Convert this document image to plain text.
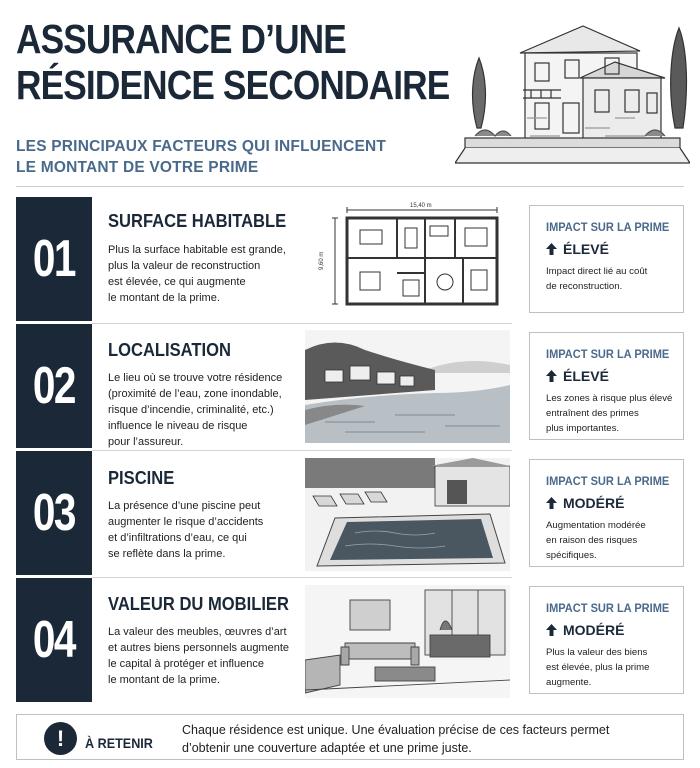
ASSURANCE D’UNE
RÉSIDENCE SECONDAIRE
LES PRINCIPAUX FACTEURS QUI INFLUENCENT
LE MONTANT DE VOTRE PRIME
01
SURFACE HABITABLE
Plus la surface habitable est grande,
plus la valeur de reconstruction
est élevée, ce qui augmente
le montant de la prime.
15,40 m
9,60 m
IMPACT SUR LA PRIME
ÉLEVÉ
Impact direct lié au coût
de reconstruction.
02
LOCALISATION
Le lieu où se trouve votre résidence
(proximité de l’eau, zone inondable,
risque d’incendie, criminalité, etc.)
influence le niveau de risque
pour l’assureur.
IMPACT SUR LA PRIME
ÉLEVÉ
Les zones à risque plus élevé
entraînent des primes
plus importantes.
03
PISCINE
La présence d’une piscine peut
augmenter le risque d’accidents
et d’infiltrations d’eau, ce qui
se reflète dans la prime.
IMPACT SUR LA PRIME
MODÉRÉ
Augmentation modérée
en raison des risques
spécifiques.
04
VALEUR DU MOBILIER
La valeur des meubles, œuvres d’art
et autres biens personnels augmente
le capital à protéger et influence
le montant de la prime.
IMPACT SUR LA PRIME
MODÉRÉ
Plus la valeur des biens
est élevée, plus la prime
augmente.
!	À RETENIR
Chaque résidence est unique. Une évaluation précise de ces facteurs permet
d’obtenir une couverture adaptée et une prime juste.
